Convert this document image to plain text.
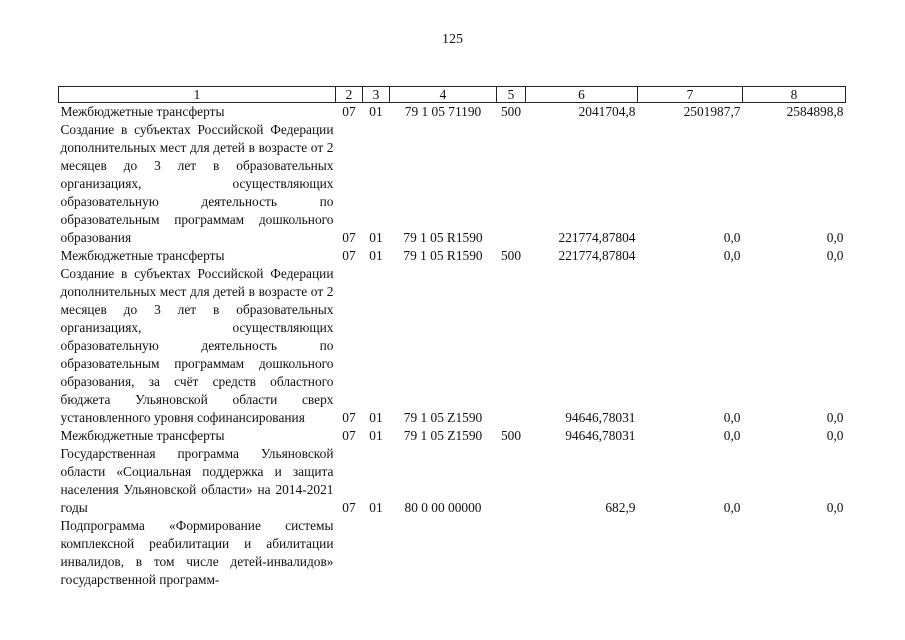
125
1	2	3	4	5	6	7	8
Межбюджетные трансферты	07	01	79 1 05 71190	500	2041704,8	2501987,7	2584898,8
Создание в субъектах Российской Федерации дополнительных мест для детей в возрасте от 2 месяцев до 3 лет в образовательных организациях, осуществляющих образовательную деятельность по образовательным программам дошкольного образования	07	01	79 1 05 R1590		221774,87804	0,0	0,0
Межбюджетные трансферты	07	01	79 1 05 R1590	500	221774,87804	0,0	0,0
Создание в субъектах Российской Федерации дополнительных мест для детей в возрасте от 2 месяцев до 3 лет в образовательных организациях, осуществляющих образовательную деятельность по образовательным программам дошкольного образования, за счёт средств областного бюджета Ульяновской области сверх установленного уровня софинансирования	07	01	79 1 05 Z1590		94646,78031	0,0	0,0
Межбюджетные трансферты	07	01	79 1 05 Z1590	500	94646,78031	0,0	0,0
Государственная программа Ульяновской области «Социальная поддержка и защита населения Ульяновской области» на 2014-2021 годы	07	01	80 0 00 00000		682,9	0,0	0,0
Подпрограмма «Формирование системы комплексной реабилитации и абилитации инвалидов, в том числе детей-инвалидов» государственной программ-							
